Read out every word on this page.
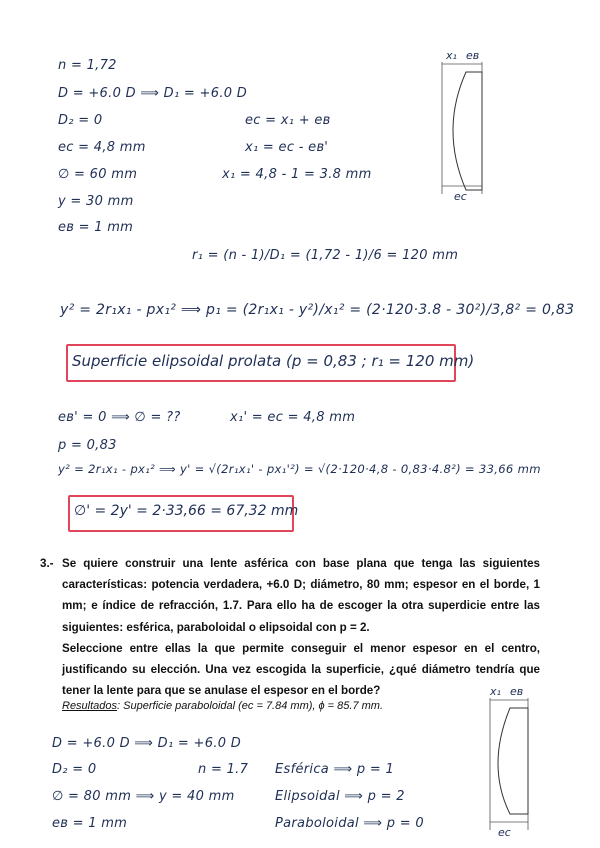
n = 1,72
D = +6.0 D ⟹ D₁ = +6.0 D
D₂ = 0
eᴄ = 4,8 mm
∅ = 60 mm
y = 30 mm
eʙ = 1 mm
eᴄ = x₁ + eʙ
x₁ = eᴄ - eʙ'
x₁ = 4,8 - 1 = 3.8 mm
x₁ eʙ
eᴄ
r₁ = (n - 1)/D₁ = (1,72 - 1)/6 = 120 mm
y² = 2r₁x₁ - px₁² ⟹ p₁ = (2r₁x₁ - y²)/x₁² = (2·120·3.8 - 30²)/3,8² = 0,83
Superficie elipsoidal prolata (p = 0,83 ; r₁ = 120 mm)
eʙ' = 0 ⟹ ∅ = ??	x₁' = eᴄ = 4,8 mm
p = 0,83
y² = 2r₁x₁ - px₁² ⟹ y' = √(2r₁x₁' - px₁'²) = √(2·120·4,8 - 0,83·4.8²) = 33,66 mm
∅' = 2y' = 2·33,66 = 67,32 mm
3.- Se quiere construir una lente asférica con base plana que tenga las siguientes características: potencia verdadera, +6.0 D; diámetro, 80 mm; espesor en el borde, 1 mm; e índice de refracción, 1.7. Para ello ha de escoger la otra superdicie entre las siguientes: esférica, paraboloidal o elipsoidal con p = 2.
Seleccione entre ellas la que permite conseguir el menor espesor en el centro, justificando su elección. Una vez escogida la superficie, ¿qué diámetro tendría que tener la lente para que se anulase el espesor en el borde?
Resultados: Superficie paraboloidal (eᴄ = 7.84 mm), ϕ = 85.7 mm.
x₁ eʙ
eᴄ
D = +6.0 D ⟹ D₁ = +6.0 D
D₂ = 0
∅ = 80 mm ⟹ y = 40 mm
eʙ = 1 mm
n = 1.7 Esférica ⟹ p = 1
Elipsoidal ⟹ p = 2
Paraboloidal ⟹ p = 0
